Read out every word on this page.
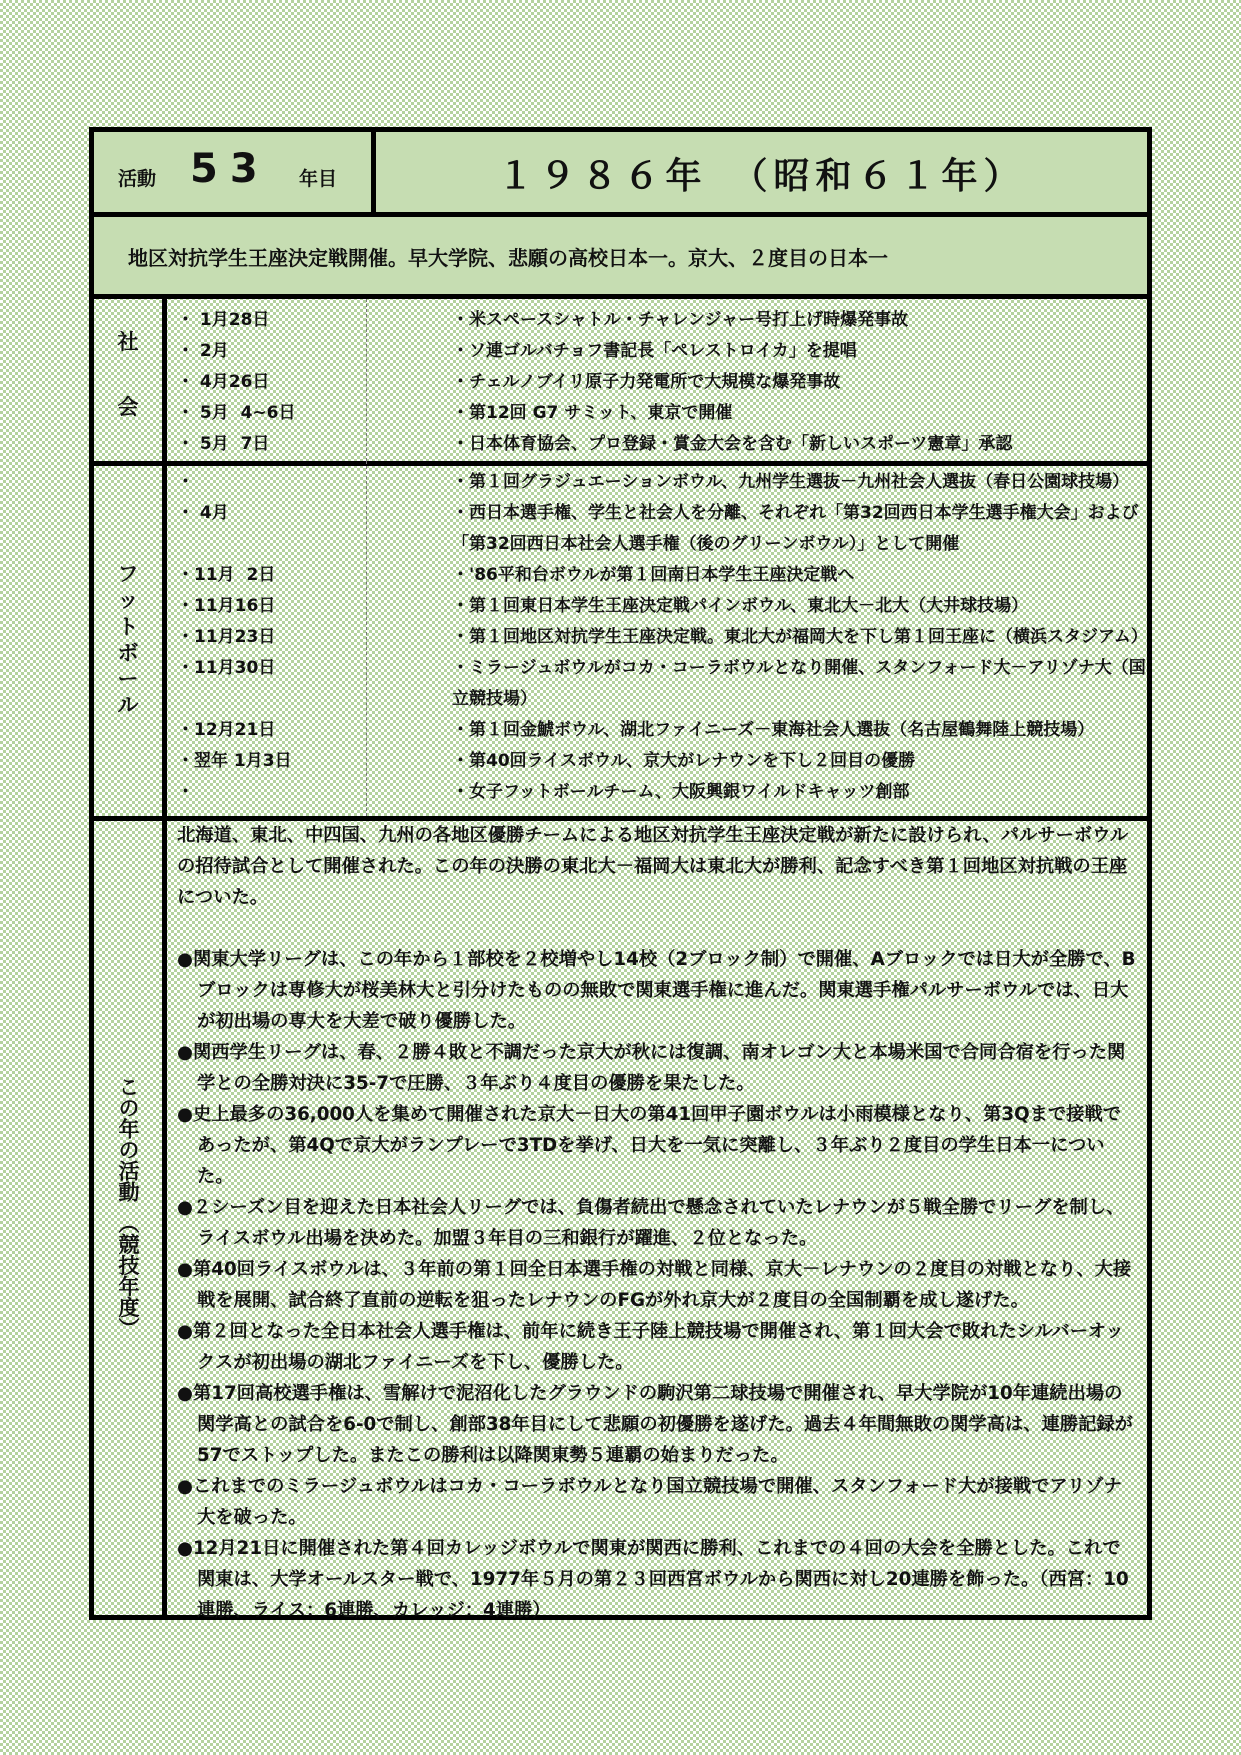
活動 53 年目	１９８６年　（昭和６１年）
地区対抗学生王座決定戦開催。早大学院、悲願の高校日本一。京大、２度目の日本一
社
会
・ 1月28日	・米スペースシャトル・チャレンジャー号打上げ時爆発事故
・ 2月	・ソ連ゴルバチョフ書記長「ペレストロイカ」を提唱
・ 4月26日	・チェルノブイリ原子力発電所で大規模な爆発事故
・ 5月  4~6日	・第12回 G7 サミット、東京で開催
・ 5月  7日	・日本体育協会、プロ登録・賞金大会を含む「新しいスポーツ憲章」承認
フ
ッ
ト
ボ
ー
ル
・	・第１回グラジュエーションボウル、九州学生選抜－九州社会人選抜（春日公園球技場）
・ 4月	・西日本選手権、学生と社会人を分離、それぞれ「第32回西日本学生選手権大会」および
「第32回西日本社会人選手権（後のグリーンボウル）」として開催
・11月  2日	・'86平和台ボウルが第１回南日本学生王座決定戦へ
・11月16日	・第１回東日本学生王座決定戦パインボウル、東北大－北大（大井球技場）
・11月23日	・第１回地区対抗学生王座決定戦。東北大が福岡大を下し第１回王座に（横浜スタジアム）
・11月30日	・ミラージュボウルがコカ・コーラボウルとなり開催、スタンフォード大－アリゾナ大（国
立競技場）
・12月21日	・第１回金鯱ボウル、湖北ファイニーズ－東海社会人選抜（名古屋鶴舞陸上競技場）
・翌年 1月3日	・第40回ライスボウル、京大がレナウンを下し２回目の優勝
・	・女子フットボールチーム、大阪興銀ワイルドキャッツ創部
この年の活動　（競技年度）
北海道、東北、中四国、九州の各地区優勝チームによる地区対抗学生王座決定戦が新たに設けられ、パルサーボウルの招待試合として開催された。この年の決勝の東北大－福岡大は東北大が勝利、記念すべき第１回地区対抗戦の王座についた。
●関東大学リーグは、この年から１部校を２校増やし14校（2ブロック制）で開催、Aブロックでは日大が全勝で、Bブロックは専修大が桜美林大と引分けたものの無敗で関東選手権に進んだ。関東選手権パルサーボウルでは、日大が初出場の専大を大差で破り優勝した。
●関西学生リーグは、春、２勝４敗と不調だった京大が秋には復調、南オレゴン大と本場米国で合同合宿を行った関学との全勝対決に35-7で圧勝、３年ぶり４度目の優勝を果たした。
●史上最多の36,000人を集めて開催された京大－日大の第41回甲子園ボウルは小雨模様となり、第3Qまで接戦であったが、第4Qで京大がランプレーで3TDを挙げ、日大を一気に突離し、３年ぶり２度目の学生日本一についた。
●２シーズン目を迎えた日本社会人リーグでは、負傷者続出で懸念されていたレナウンが５戦全勝でリーグを制し、ライスボウル出場を決めた。加盟３年目の三和銀行が躍進、２位となった。
●第40回ライスボウルは、３年前の第１回全日本選手権の対戦と同様、京大－レナウンの２度目の対戦となり、大接戦を展開、試合終了直前の逆転を狙ったレナウンのFGが外れ京大が２度目の全国制覇を成し遂げた。
●第２回となった全日本社会人選手権は、前年に続き王子陸上競技場で開催され、第１回大会で敗れたシルバーオックスが初出場の湖北ファイニーズを下し、優勝した。
●第17回高校選手権は、雪解けで泥沼化したグラウンドの駒沢第二球技場で開催され、早大学院が10年連続出場の関学高との試合を6-0で制し、創部38年目にして悲願の初優勝を遂げた。過去４年間無敗の関学高は、連勝記録が57でストップした。またこの勝利は以降関東勢５連覇の始まりだった。
●これまでのミラージュボウルはコカ・コーラボウルとなり国立競技場で開催、スタンフォード大が接戦でアリゾナ大を破った。
●12月21日に開催された第４回カレッジボウルで関東が関西に勝利、これまでの４回の大会を全勝とした。これで関東は、大学オールスター戦で、1977年５月の第２３回西宮ボウルから関西に対し20連勝を飾った。（西宮：10連勝、ライス：6連勝、カレッジ：4連勝）
